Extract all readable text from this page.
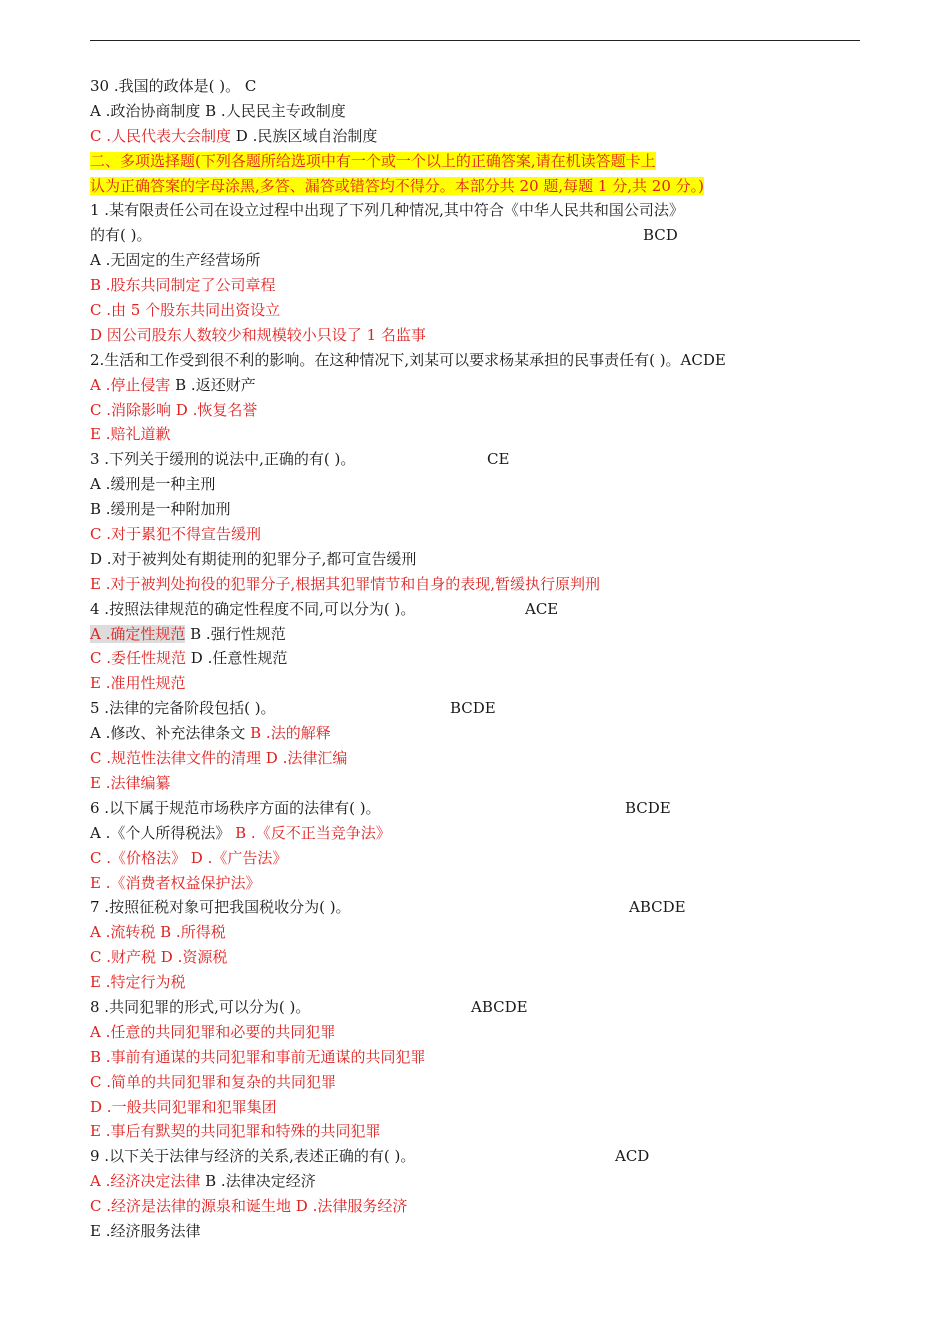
30 .我国的政体是( )。 C
A .政治协商制度 B .人民民主专政制度
C .人民代表大会制度 D .民族区域自治制度
二、多项选择题(下列各题所给选项中有一个或一个以上的正确答案,请在机读答题卡上
认为正确答案的字母涂黑,多答、漏答或错答均不得分。本部分共 20 题,每题 1 分,共 20 分。)
1 .某有限责任公司在设立过程中出现了下列几种情况,其中符合《中华人民共和国公司法》
的有( )。	BCD
A .无固定的生产经营场所
B .股东共同制定了公司章程
C .由 5 个股东共同出资设立
D 因公司股东人数较少和规模较小只设了 1 名监事
2.生活和工作受到很不利的影响。在这种情况下,刘某可以要求杨某承担的民事责任有( )。ACDE
A .停止侵害 B .返还财产
C .消除影响 D .恢复名誉
E .赔礼道歉
3 .下列关于缓刑的说法中,正确的有( )。	CE
A .缓刑是一种主刑
B .缓刑是一种附加刑
C .对于累犯不得宣告缓刑
D .对于被判处有期徒刑的犯罪分子,都可宣告缓刑
E .对于被判处拘役的犯罪分子,根据其犯罪情节和自身的表现,暂缓执行原判刑
4 .按照法律规范的确定性程度不同,可以分为( )。	ACE
A .确定性规范 B .强行性规范
C .委任性规范 D .任意性规范
E .准用性规范
5 .法律的完备阶段包括( )。	BCDE
A .修改、补充法律条文 B .法的解释
C .规范性法律文件的清理 D .法律汇编
E .法律编纂
6 .以下属于规范市场秩序方面的法律有( )。	BCDE
A .《个人所得税法》 B .《反不正当竞争法》
C .《价格法》 D .《广告法》
E .《消费者权益保护法》
7 .按照征税对象可把我国税收分为( )。	ABCDE
A .流转税 B .所得税
C .财产税 D .资源税
E .特定行为税
8 .共同犯罪的形式,可以分为( )。	ABCDE
A .任意的共同犯罪和必要的共同犯罪
B .事前有通谋的共同犯罪和事前无通谋的共同犯罪
C .简单的共同犯罪和复杂的共同犯罪
D .一般共同犯罪和犯罪集团
E .事后有默契的共同犯罪和特殊的共同犯罪
9 .以下关于法律与经济的关系,表述正确的有( )。	ACD
A .经济决定法律 B .法律决定经济
C .经济是法律的源泉和诞生地 D .法律服务经济
E .经济服务法律
